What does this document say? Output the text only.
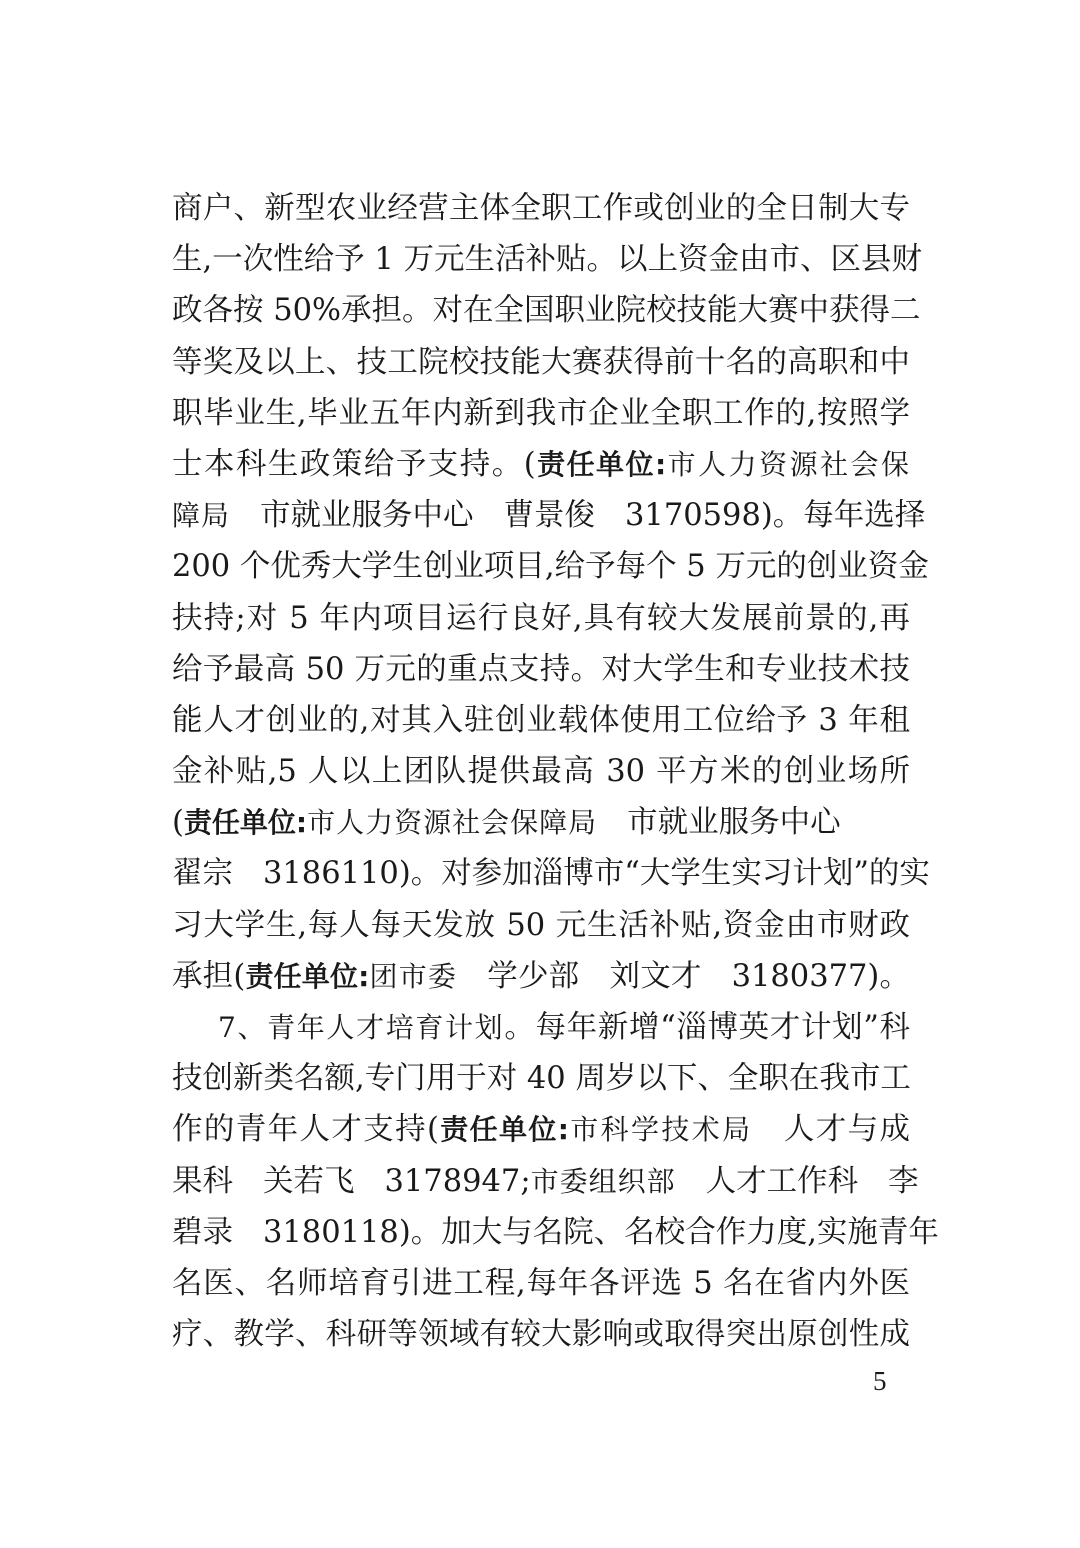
商户、新型农业经营主体全职工作或创业的全日制大专
生,一次性给予 1 万元生活补贴。以上资金由市、区县财
政各按 50%承担。对在全国职业院校技能大赛中获得二
等奖及以上、技工院校技能大赛获得前十名的高职和中
职毕业生,毕业五年内新到我市企业全职工作的,按照学
士本科生政策给予支持。(责任单位:市人力资源社会保
障局 市就业服务中心 曹景俊 3170598)。每年选择
200 个优秀大学生创业项目,给予每个 5 万元的创业资金
扶持;对 5 年内项目运行良好,具有较大发展前景的,再
给予最高 50 万元的重点支持。对大学生和专业技术技
能人才创业的,对其入驻创业载体使用工位给予 3 年租
金补贴,5 人以上团队提供最高 30 平方米的创业场所
(责任单位:市人力资源社会保障局 市就业服务中心
翟宗 3186110)。对参加淄博市“大学生实习计划”的实
习大学生,每人每天发放 50 元生活补贴,资金由市财政
承担(责任单位:团市委 学少部 刘文才 3180377)。
7、青年人才培育计划。每年新增“淄博英才计划”科
技创新类名额,专门用于对 40 周岁以下、全职在我市工
作的青年人才支持(责任单位:市科学技术局 人才与成
果科 关若飞 3178947;市委组织部 人才工作科 李
碧录 3180118)。加大与名院、名校合作力度,实施青年
名医、名师培育引进工程,每年各评选 5 名在省内外医
疗、教学、科研等领域有较大影响或取得突出原创性成
5
